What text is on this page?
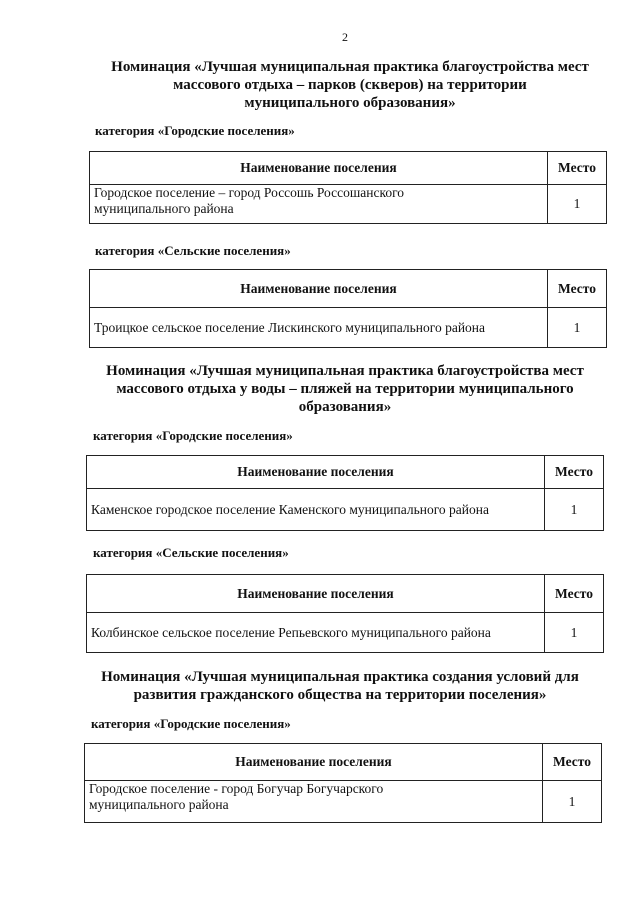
2
Номинация «Лучшая муниципальная практика благоустройства мест
массового отдыха – парков (скверов) на территории
муниципального образования»
категория «Городские поселения»
Наименование поселения	Место

Городское поселение – город Россошь Россошанского
муниципального района	1
категория «Сельские поселения»
Наименование поселения	Место

Троицкое сельское поселение Лискинского муниципального района	1
Номинация «Лучшая муниципальная практика благоустройства мест
массового отдыха у воды – пляжей на территории муниципального
образования»
категория «Городские поселения»
Наименование поселения	Место

Каменское городское поселение Каменского муниципального района	1
категория «Сельские поселения»
Наименование поселения	Место

Колбинское сельское поселение Репьевского муниципального района	1
Номинация «Лучшая муниципальная практика создания условий для
развития гражданского общества на территории поселения»
категория «Городские поселения»
Наименование поселения	Место

Городское поселение - город Богучар Богучарского
муниципального района	1
